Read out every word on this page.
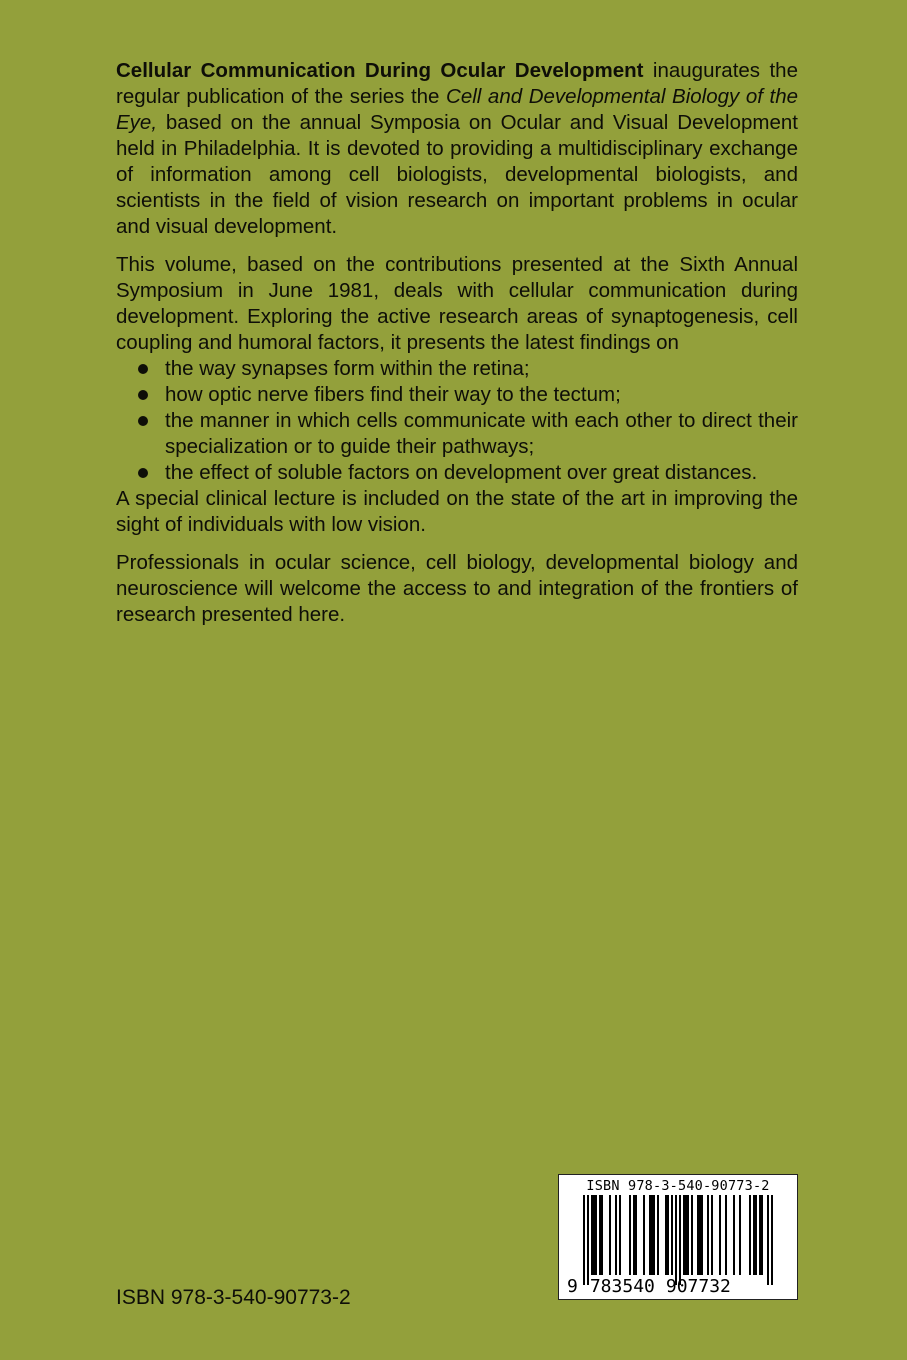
Cellular Communication During Ocular Development inaugurates the regular publication of the series the Cell and Developmental Biology of the Eye, based on the annual Symposia on Ocular and Visual Development held in Philadelphia. It is devoted to providing a multidisciplinary exchange of information among cell biologists, developmental biologists, and scientists in the field of vision research on important problems in ocular and visual development.

This volume, based on the contributions presented at the Sixth Annual Symposium in June 1981, deals with cellular communication during development. Exploring the active research areas of synaptogenesis, cell coupling and humoral factors, it presents the latest findings on

the way synapses form within the retina;
how optic nerve fibers find their way to the tectum;
the manner in which cells communicate with each other to direct their specialization or to guide their pathways;
the effect of soluble factors on development over great distances.

A special clinical lecture is included on the state of the art in improving the sight of individuals with low vision.

Professionals in ocular science, cell biology, developmental biology and neuroscience will welcome the access to and integration of the frontiers of research presented here.

ISBN 978-3-540-90773-2
ISBN 978-3-540-90773-2
9 783540 907732
